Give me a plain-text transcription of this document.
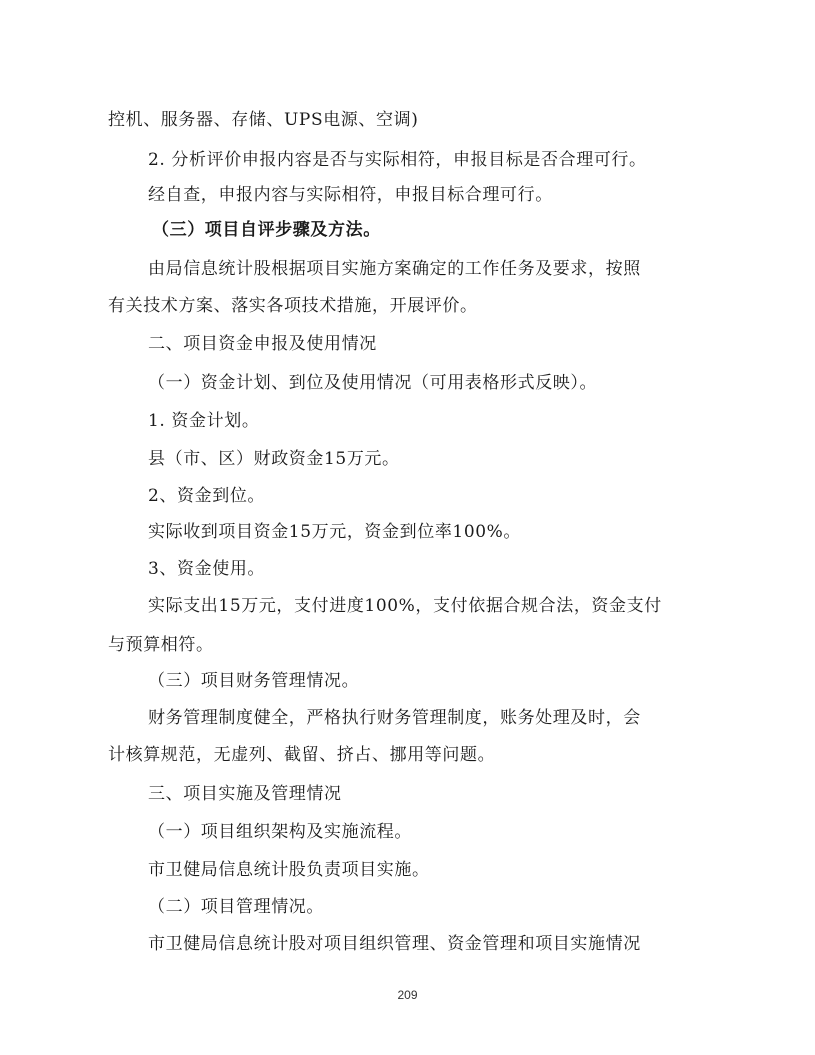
控机、服务器、存储、UPS电源、空调)
2. 分析评价申报内容是否与实际相符，申报目标是否合理可行。
经自查，申报内容与实际相符，申报目标合理可行。
（三）项目自评步骤及方法。
由局信息统计股根据项目实施方案确定的工作任务及要求，按照
有关技术方案、落实各项技术措施，开展评价。
二、项目资金申报及使用情况
（一）资金计划、到位及使用情况（可用表格形式反映）。
1. 资金计划。
县（市、区）财政资金15万元。
2、资金到位。
实际收到项目资金15万元，资金到位率100%。
3、资金使用。
实际支出15万元，支付进度100%，支付依据合规合法，资金支付
与预算相符。
（三）项目财务管理情况。
财务管理制度健全，严格执行财务管理制度，账务处理及时，会
计核算规范，无虚列、截留、挤占、挪用等问题。
三、项目实施及管理情况
（一）项目组织架构及实施流程。
市卫健局信息统计股负责项目实施。
（二）项目管理情况。
市卫健局信息统计股对项目组织管理、资金管理和项目实施情况
209
